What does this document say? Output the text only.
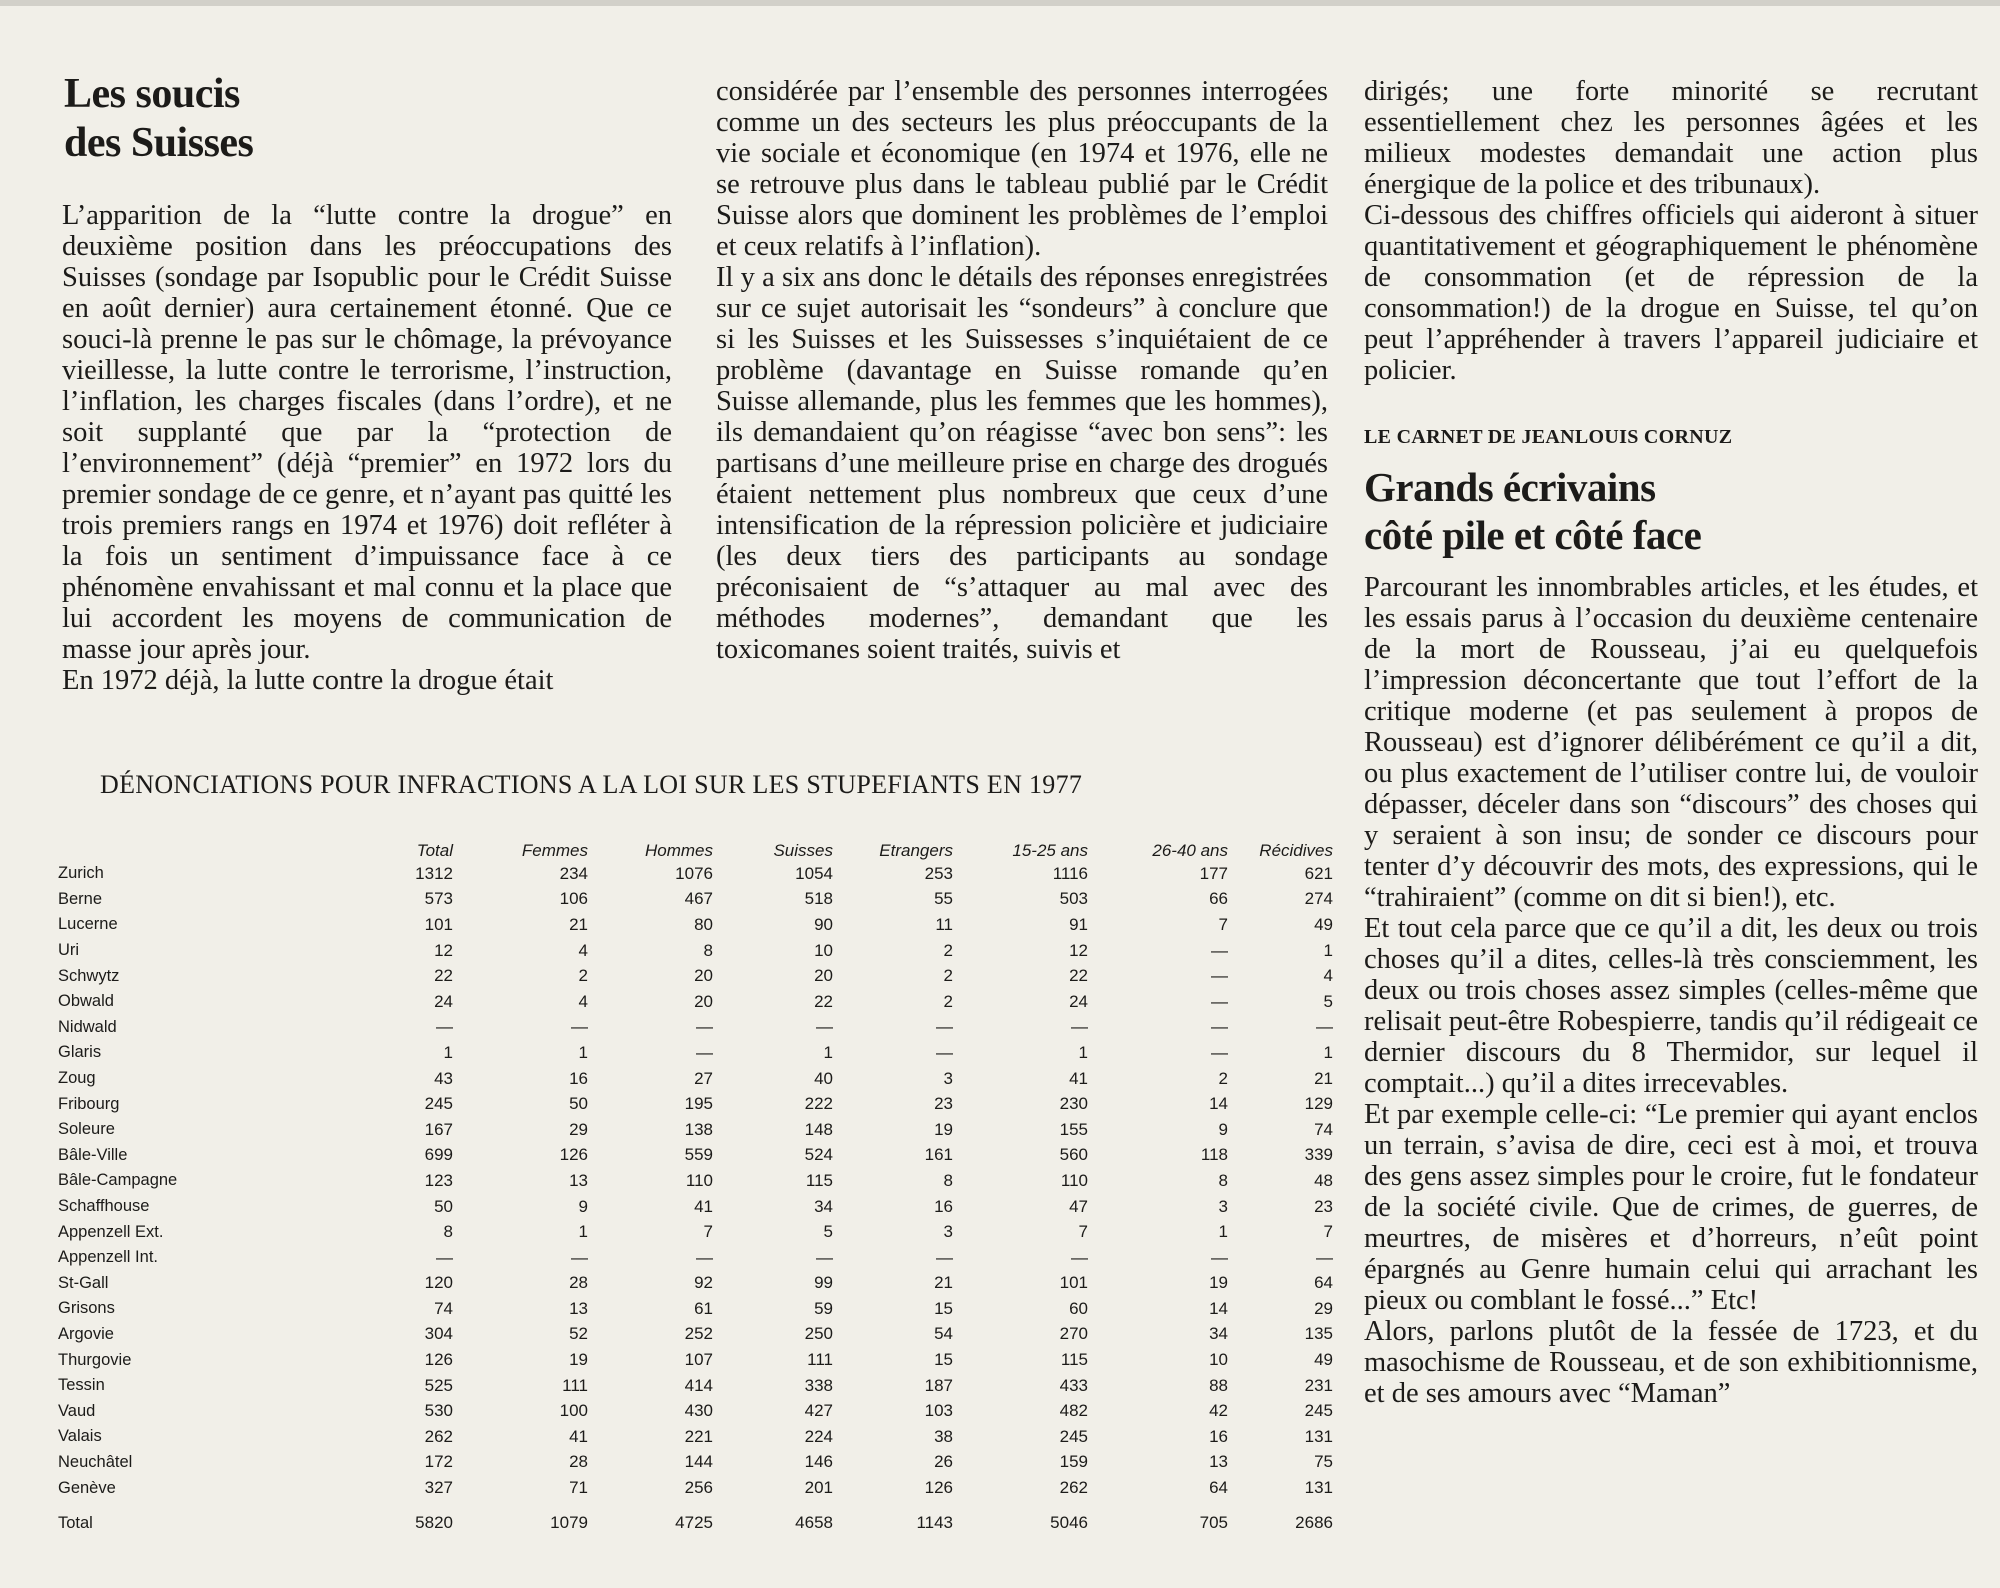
Les soucis
des Suisses

L’apparition de la “lutte contre la drogue” en deuxième position dans les préoccupations des Suisses (sondage par Isopublic pour le Crédit Suisse en août dernier) aura certainement étonné. Que ce souci-là prenne le pas sur le chômage, la prévoyance vieillesse, la lutte contre le terrorisme, l’instruction, l’inflation, les charges fiscales (dans l’ordre), et ne soit supplanté que par la “protection de l’environnement” (déjà “premier” en 1972 lors du premier sondage de ce genre, et n’ayant pas quitté les trois premiers rangs en 1974 et 1976) doit refléter à la fois un sentiment d’impuissance face à ce phénomène envahissant et mal connu et la place que lui accordent les moyens de communication de masse jour après jour.

En 1972 déjà, la lutte contre la drogue était

considérée par l’ensemble des personnes interrogées comme un des secteurs les plus préoccupants de la vie sociale et économique (en 1974 et 1976, elle ne se retrouve plus dans le tableau publié par le Crédit Suisse alors que dominent les problèmes de l’emploi et ceux relatifs à l’inflation).

Il y a six ans donc le détails des réponses enregistrées sur ce sujet autorisait les “sondeurs” à conclure que si les Suisses et les Suissesses s’inquiétaient de ce problème (davantage en Suisse romande qu’en Suisse allemande, plus les femmes que les hommes), ils demandaient qu’on réagisse “avec bon sens”: les partisans d’une meilleure prise en charge des drogués étaient nettement plus nombreux que ceux d’une intensification de la répression policière et judiciaire (les deux tiers des participants au sondage préconisaient de “s’attaquer au mal avec des méthodes modernes”, demandant que les toxicomanes soient traités, suivis et

dirigés; une forte minorité se recrutant essentiellement chez les personnes âgées et les milieux modestes demandait une action plus énergique de la police et des tribunaux).

Ci-dessous des chiffres officiels qui aideront à situer quantitativement et géographiquement le phénomène de consommation (et de répression de la consommation!) de la drogue en Suisse, tel qu’on peut l’appréhender à travers l’appareil judiciaire et policier.

DÉNONCIATIONS POUR INFRACTIONS A LA LOI SUR LES STUPEFIANTS EN 1977
	Total	Femmes	Hommes	Suisses	Etrangers	15-25 ans	26-40 ans	Récidives
Zurich	1312	234	1076	1054	253	1116	177	621
Berne	573	106	467	518	55	503	66	274
Lucerne	101	21	80	90	11	91	7	49
Uri	12	4	8	10	2	12	—	1
Schwytz	22	2	20	20	2	22	—	4
Obwald	24	4	20	22	2	24	—	5
Nidwald	—	—	—	—	—	—	—	—
Glaris	1	1	—	1	—	1	—	1
Zoug	43	16	27	40	3	41	2	21
Fribourg	245	50	195	222	23	230	14	129
Soleure	167	29	138	148	19	155	9	74
Bâle-Ville	699	126	559	524	161	560	118	339
Bâle-Campagne	123	13	110	115	8	110	8	48
Schaffhouse	50	9	41	34	16	47	3	23
Appenzell Ext.	8	1	7	5	3	7	1	7
Appenzell Int.	—	—	—	—	—	—	—	—
St-Gall	120	28	92	99	21	101	19	64
Grisons	74	13	61	59	15	60	14	29
Argovie	304	52	252	250	54	270	34	135
Thurgovie	126	19	107	111	15	115	10	49
Tessin	525	111	414	338	187	433	88	231
Vaud	530	100	430	427	103	482	42	245
Valais	262	41	221	224	38	245	16	131
Neuchâtel	172	28	144	146	26	159	13	75
Genève	327	71	256	201	126	262	64	131
Total	5820	1079	4725	4658	1143	5046	705	2686

LE CARNET DE JEANLOUIS CORNUZ

Grands écrivains
côté pile et côté face

Parcourant les innombrables articles, et les études, et les essais parus à l’occasion du deuxième centenaire de la mort de Rousseau, j’ai eu quelquefois l’impression déconcertante que tout l’effort de la critique moderne (et pas seulement à propos de Rousseau) est d’ignorer délibérément ce qu’il a dit, ou plus exactement de l’utiliser contre lui, de vouloir dépasser, déceler dans son “discours” des choses qui y seraient à son insu; de sonder ce discours pour tenter d’y découvrir des mots, des expressions, qui le “trahiraient” (comme on dit si bien!), etc.

Et tout cela parce que ce qu’il a dit, les deux ou trois choses qu’il a dites, celles-là très consciemment, les deux ou trois choses assez simples (celles-même que relisait peut-être Robespierre, tandis qu’il rédigeait ce dernier discours du 8 Thermidor, sur lequel il comptait...) qu’il a dites irrecevables.

Et par exemple celle-ci: “Le premier qui ayant enclos un terrain, s’avisa de dire, ceci est à moi, et trouva des gens assez simples pour le croire, fut le fondateur de la société civile. Que de crimes, de guerres, de meurtres, de misères et d’horreurs, n’eût point épargnés au Genre humain celui qui arrachant les pieux ou comblant le fossé...” Etc!

Alors, parlons plutôt de la fessée de 1723, et du masochisme de Rousseau, et de son exhibitionnisme, et de ses amours avec “Maman”
